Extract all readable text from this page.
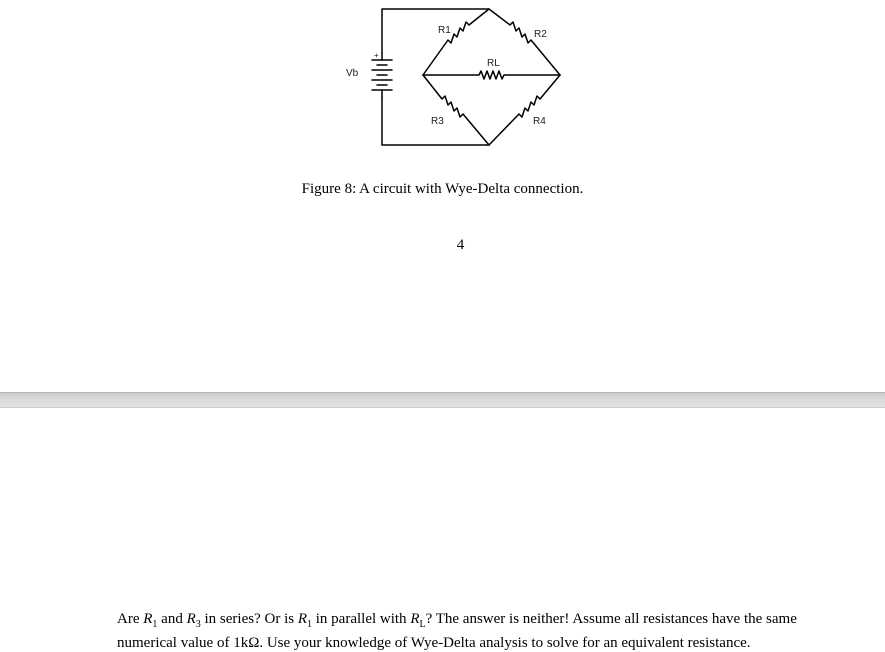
Vb
+
R1	R2
RL
R3	R4
Figure 8: A circuit with Wye-Delta connection.
4
Are $R_1$ and $R_3$ in series? Or is $R_1$ in parallel with $R_L$? The answer is neither! Assume all resistances have the same numerical value of 1kΩ. Use your knowledge of Wye-Delta analysis to solve for an equivalent resistance.
